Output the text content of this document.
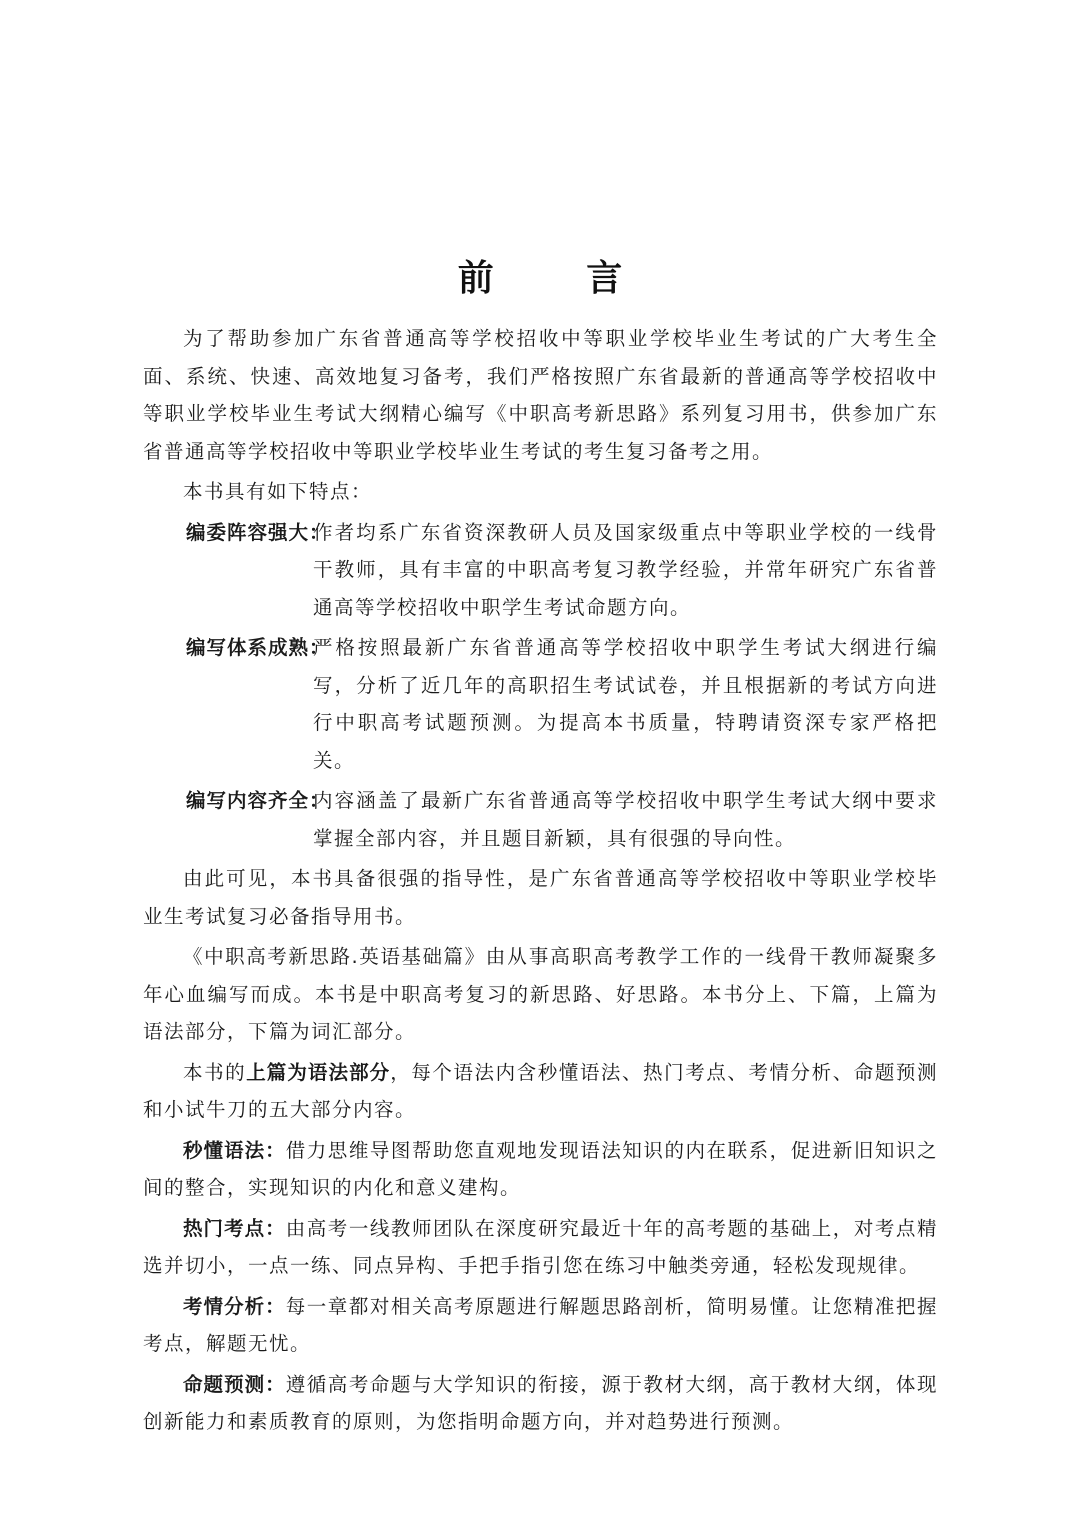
前 言

为了帮助参加广东省普通高等学校招收中等职业学校毕业生考试的广大考生全面、系统、快速、高效地复习备考，我们严格按照广东省最新的普通高等学校招收中等职业学校毕业生考试大纲精心编写《中职高考新思路》系列复习用书，供参加广东省普通高等学校招收中等职业学校毕业生考试的考生复习备考之用。

本书具有如下特点：

编委阵容强大：
作者均系广东省资深教研人员及国家级重点中等职业学校的一线骨干教师，具有丰富的中职高考复习教学经验，并常年研究广东省普通高等学校招收中职学生考试命题方向。
编写体系成熟：
严格按照最新广东省普通高等学校招收中职学生考试大纲进行编写，分析了近几年的高职招生考试试卷，并且根据新的考试方向进行中职高考试题预测。为提高本书质量，特聘请资深专家严格把关。
编写内容齐全：
内容涵盖了最新广东省普通高等学校招收中职学生考试大纲中要求掌握全部内容，并且题目新颖，具有很强的导向性。

由此可见，本书具备很强的指导性，是广东省普通高等学校招收中等职业学校毕业生考试复习必备指导用书。

《中职高考新思路.英语基础篇》由从事高职高考教学工作的一线骨干教师凝聚多年心血编写而成。本书是中职高考复习的新思路、好思路。本书分上、下篇，上篇为语法部分，下篇为词汇部分。

本书的上篇为语法部分，每个语法内含秒懂语法、热门考点、考情分析、命题预测和小试牛刀的五大部分内容。

秒懂语法：借力思维导图帮助您直观地发现语法知识的内在联系，促进新旧知识之间的整合，实现知识的内化和意义建构。

热门考点：由高考一线教师团队在深度研究最近十年的高考题的基础上，对考点精选并切小，一点一练、同点异构、手把手指引您在练习中触类旁通，轻松发现规律。

考情分析：每一章都对相关高考原题进行解题思路剖析，简明易懂。让您精准把握考点，解题无忧。

命题预测：遵循高考命题与大学知识的衔接，源于教材大纲，高于教材大纲，体现创新能力和素质教育的原则，为您指明命题方向，并对趋势进行预测。
